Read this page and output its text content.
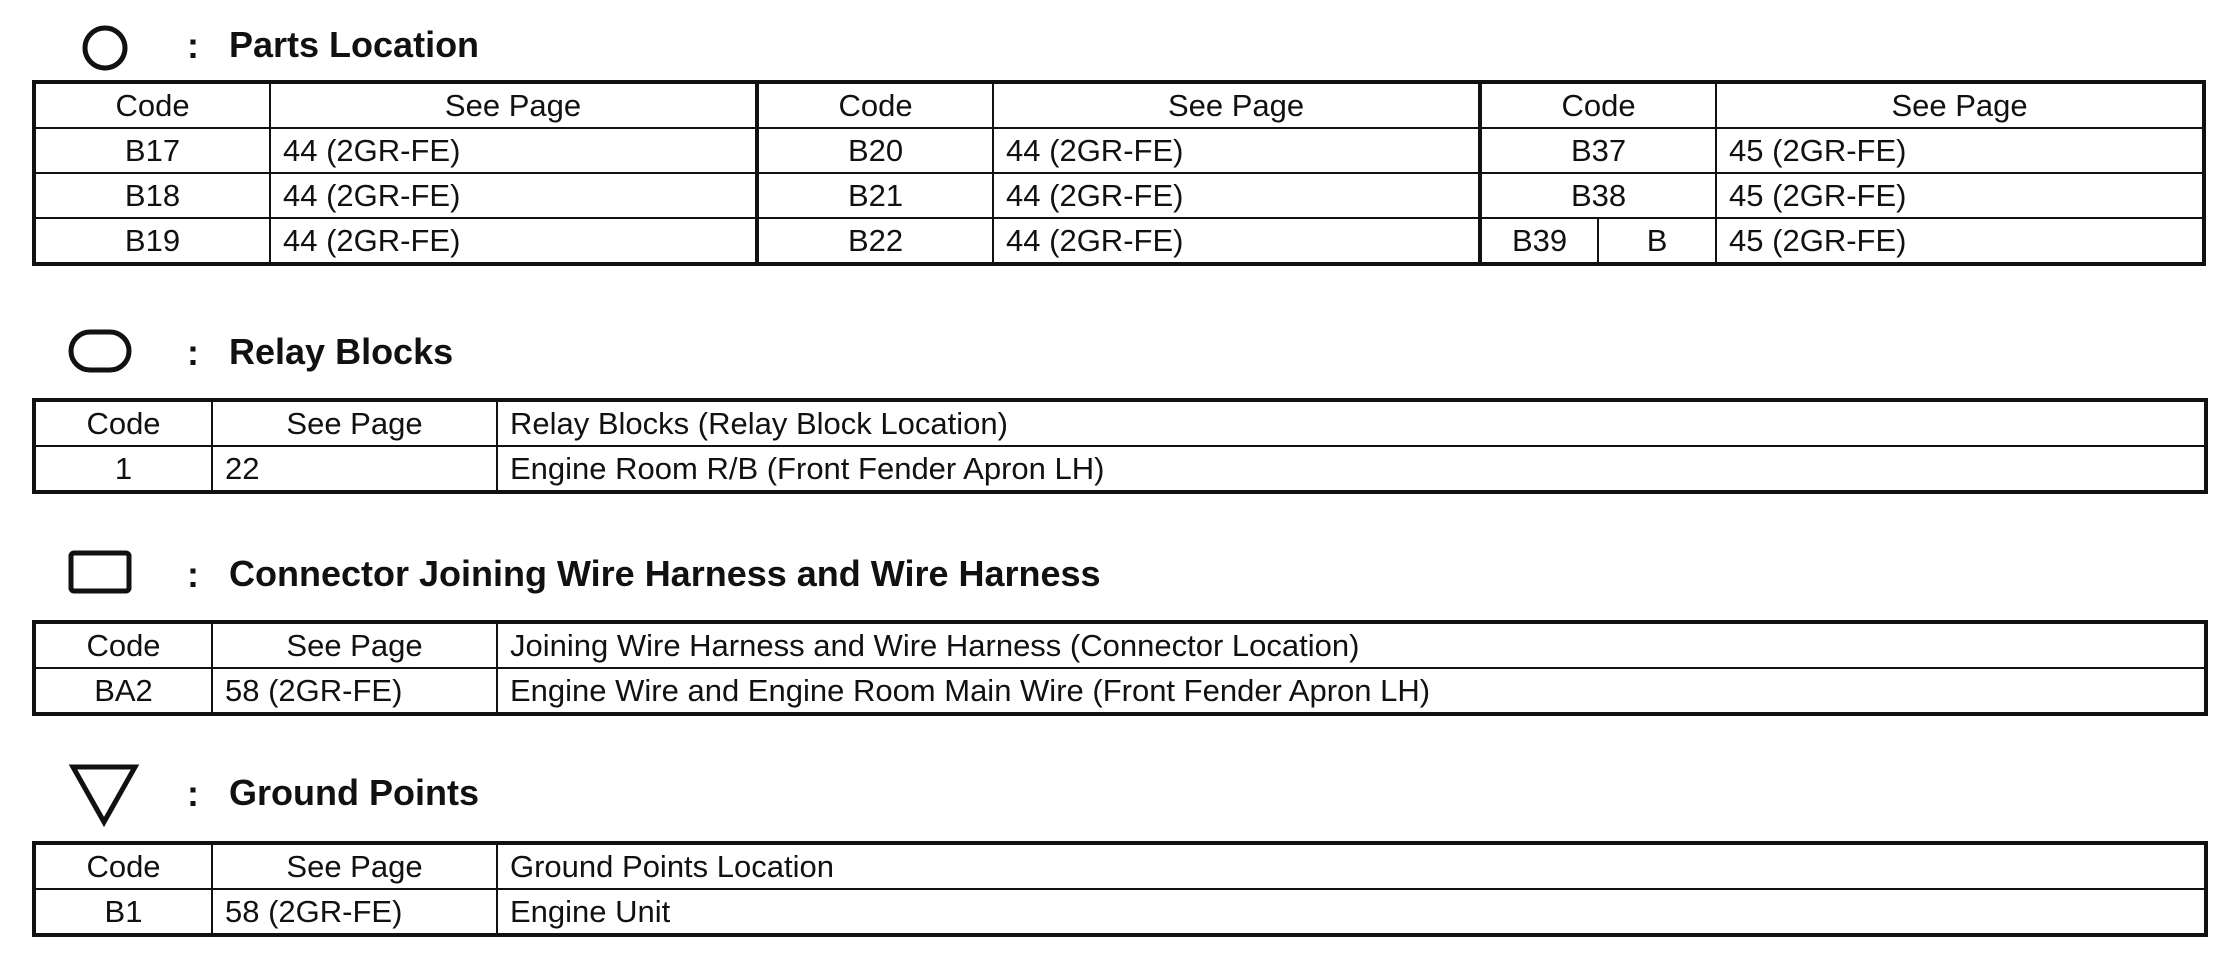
: Parts Location
Code	See Page	Code	See Page	Code		See Page
B17	44 (2GR-FE)	B20	44 (2GR-FE)	B37		45 (2GR-FE)
B18	44 (2GR-FE)	B21	44 (2GR-FE)	B38		45 (2GR-FE)
B19	44 (2GR-FE)	B22	44 (2GR-FE)	B39	B	45 (2GR-FE)
: Relay Blocks
Code	See Page	Relay Blocks (Relay Block Location)
1	22	Engine Room R/B (Front Fender Apron LH)
: Connector Joining Wire Harness and Wire Harness
Code	See Page	Joining Wire Harness and Wire Harness (Connector Location)
BA2	58 (2GR-FE)	Engine Wire and Engine Room Main Wire (Front Fender Apron LH)
: Ground Points
Code	See Page	Ground Points Location
B1	58 (2GR-FE)	Engine Unit
